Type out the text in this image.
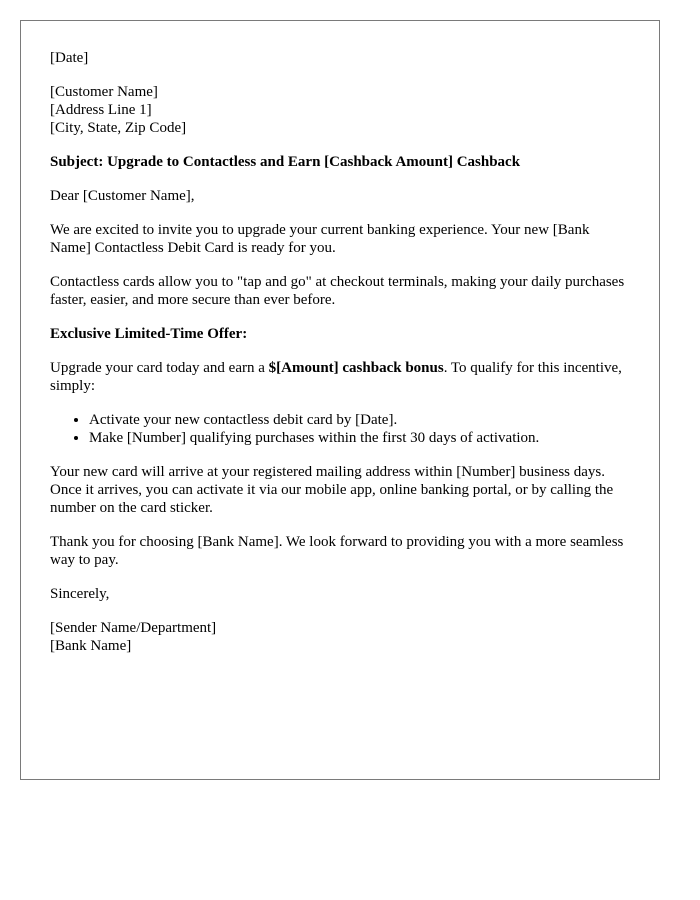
[Date]

[Customer Name]
[Address Line 1]
[City, State, Zip Code]

Subject: Upgrade to Contactless and Earn [Cashback Amount] Cashback

Dear [Customer Name],

We are excited to invite you to upgrade your current banking experience. Your new [Bank Name] Contactless Debit Card is ready for you.

Contactless cards allow you to "tap and go" at checkout terminals, making your daily purchases faster, easier, and more secure than ever before.

Exclusive Limited-Time Offer:

Upgrade your card today and earn a $[Amount] cashback bonus. To qualify for this incentive, simply:

• Activate your new contactless debit card by [Date].
• Make [Number] qualifying purchases within the first 30 days of activation.

Your new card will arrive at your registered mailing address within [Number] business days. Once it arrives, you can activate it via our mobile app, online banking portal, or by calling the number on the card sticker.

Thank you for choosing [Bank Name]. We look forward to providing you with a more seamless way to pay.

Sincerely,

[Sender Name/Department]
[Bank Name]
